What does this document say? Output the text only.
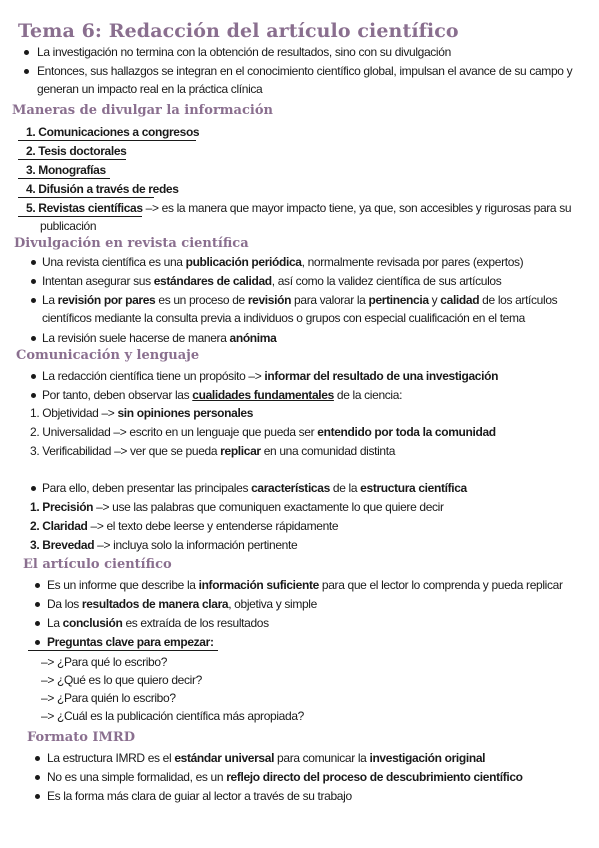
Tema 6: Redacción del artículo científico
La investigación no termina con la obtención de resultados, sino con su divulgación
Entonces, sus hallazgos se integran en el conocimiento científico global, impulsan el avance de su campo y
generan un impacto real en la práctica clínica
Maneras de divulgar la información
1. Comunicaciones a congresos
2. Tesis doctorales
3. Monografías
4. Difusión a través de redes
5. Revistas científicas –> es la manera que mayor impacto tiene, ya que, son accesibles y rigurosas para su
publicación
Divulgación en revista científica
Una revista científica es una publicación periódica, normalmente revisada por pares (expertos)
Intentan asegurar sus estándares de calidad, así como la validez científica de sus artículos
La revisión por pares es un proceso de revisión para valorar la pertinencia y calidad de los artículos
científicos mediante la consulta previa a individuos o grupos con especial cualificación en el tema
La revisión suele hacerse de manera anónima
Comunicación y lenguaje
La redacción científica tiene un propósito –> informar del resultado de una investigación
Por tanto, deben observar las cualidades fundamentales de la ciencia:
1. Objetividad –> sin opiniones personales
2. Universalidad –> escrito en un lenguaje que pueda ser entendido por toda la comunidad
3. Verificabilidad –> ver que se pueda replicar en una comunidad distinta
Para ello, deben presentar las principales características de la estructura científica
1. Precisión –> use las palabras que comuniquen exactamente lo que quiere decir
2. Claridad –> el texto debe leerse y entenderse rápidamente
3. Brevedad –> incluya solo la información pertinente
El artículo científico
Es un informe que describe la información suficiente para que el lector lo comprenda y pueda replicar
Da los resultados de manera clara, objetiva y simple
La conclusión es extraída de los resultados
Preguntas clave para empezar:
–> ¿Para qué lo escribo?
–> ¿Qué es lo que quiero decir?
–> ¿Para quién lo escribo?
–> ¿Cuál es la publicación científica más apropiada?
Formato IMRD
La estructura IMRD es el estándar universal para comunicar la investigación original
No es una simple formalidad, es un reflejo directo del proceso de descubrimiento científico
Es la forma más clara de guiar al lector a través de su trabajo
